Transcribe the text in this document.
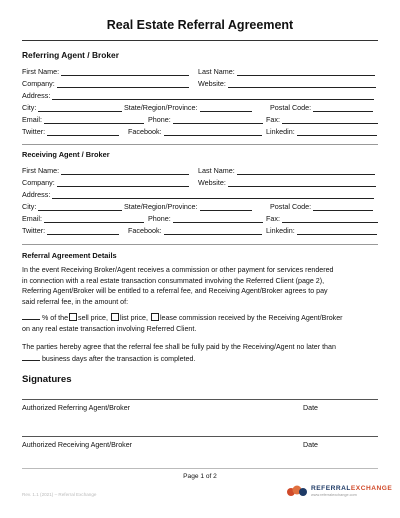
Real Estate Referral Agreement
Referring Agent / Broker
First Name:	Last Name:
Company:	Website:
Address:
City:	State/Region/Province:	Postal Code:
Email:	Phone:	Fax:
Twitter:	Facebook:	Linkedin:
Receiving Agent / Broker
First Name:	Last Name:
Company:	Website:
Address:
City:	State/Region/Province:	Postal Code:
Email:	Phone:	Fax:
Twitter:	Facebook:	Linkedin:
Referral Agreement Details
In the event Receiving Broker/Agent receives a commission or other payment for services rendered
in connection with a real estate transaction consummated involving the Referred Client (page 2),
Referring Agent/Broker will be entitled to a referral fee, and Receiving Agent/Broker agrees to pay
said referral fee, in the amount of:
% of the sell price, list price, lease commission received by the Receiving Agent/Broker
on any real estate transaction involving Referred Client.
The parties hereby agree that the referral fee shall be fully paid by the Receiving/Agent no later than
business days after the transaction is completed.
Signatures
Authorized Referring Agent/Broker	Date
Authorized Receiving Agent/Broker	Date
Page 1 of 2
Rev. 1.1 (2021) – Referral Exchange
REFERRALEXCHANGE
www.referralexchange.com
